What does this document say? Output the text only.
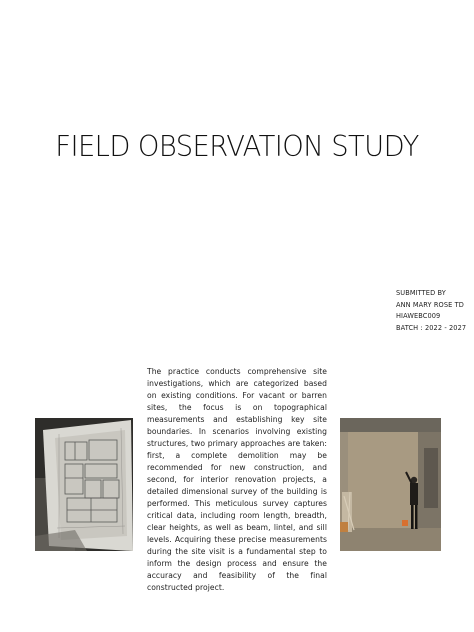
FIELD OBSERVATION STUDY
SUBMITTED BY
ANN MARY ROSE TD
HIAWEBC009
BATCH : 2022 - 2027
The practice conducts comprehensive site investigations, which are categorized based on existing conditions. For vacant or barren sites, the focus is on topographical measurements and establishing key site boundaries. In scenarios involving existing structures, two primary approaches are taken: first, a complete demolition may be recommended for new construction, and second, for interior renovation projects, a detailed dimensional survey of the building is performed. This meticulous survey captures critical data, including room length, breadth, clear heights, as well as beam, lintel, and sill levels. Acquiring these precise measurements during the site visit is a fundamental step to inform the design process and ensure the accuracy and feasibility of the final constructed project.
